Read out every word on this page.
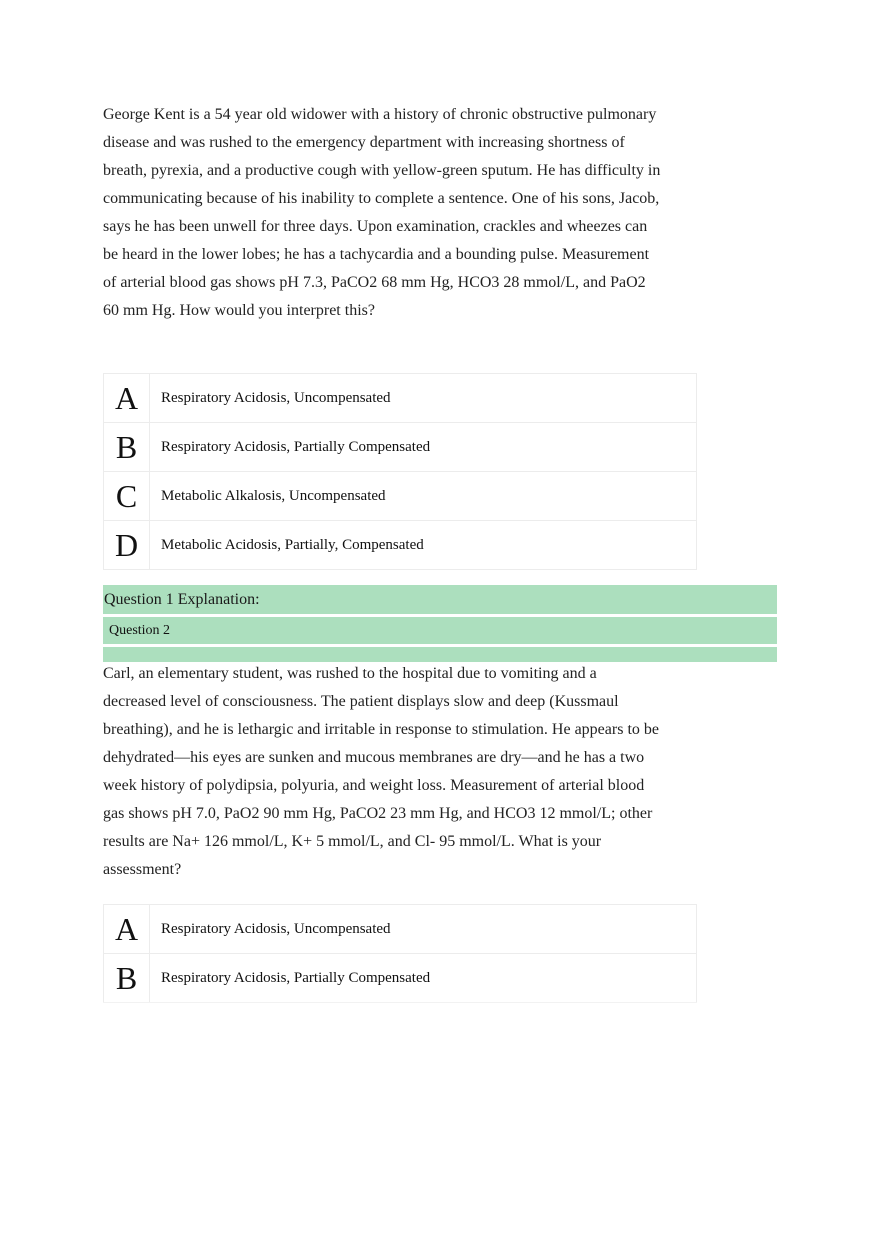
George Kent is a 54 year old widower with a history of chronic obstructive pulmonary disease and was rushed to the emergency department with increasing shortness of breath, pyrexia, and a productive cough with yellow-green sputum. He has difficulty in communicating because of his inability to complete a sentence. One of his sons, Jacob, says he has been unwell for three days. Upon examination, crackles and wheezes can be heard in the lower lobes; he has a tachycardia and a bounding pulse. Measurement of arterial blood gas shows pH 7.3, PaCO2 68 mm Hg, HCO3 28 mmol/L, and PaO2 60 mm Hg. How would you interpret this?

A	Respiratory Acidosis, Uncompensated
B	Respiratory Acidosis, Partially Compensated
C	Metabolic Alkalosis, Uncompensated
D	Metabolic Acidosis, Partially, Compensated
Question 1 Explanation:
Question 2

Carl, an elementary student, was rushed to the hospital due to vomiting and a decreased level of consciousness. The patient displays slow and deep (Kussmaul breathing), and he is lethargic and irritable in response to stimulation. He appears to be dehydrated—his eyes are sunken and mucous membranes are dry—and he has a two week history of polydipsia, polyuria, and weight loss. Measurement of arterial blood gas shows pH 7.0, PaO2 90 mm Hg, PaCO2 23 mm Hg, and HCO3 12 mmol/L; other results are Na+ 126 mmol/L, K+ 5 mmol/L, and Cl- 95 mmol/L. What is your assessment?

A	Respiratory Acidosis, Uncompensated
B	Respiratory Acidosis, Partially Compensated
